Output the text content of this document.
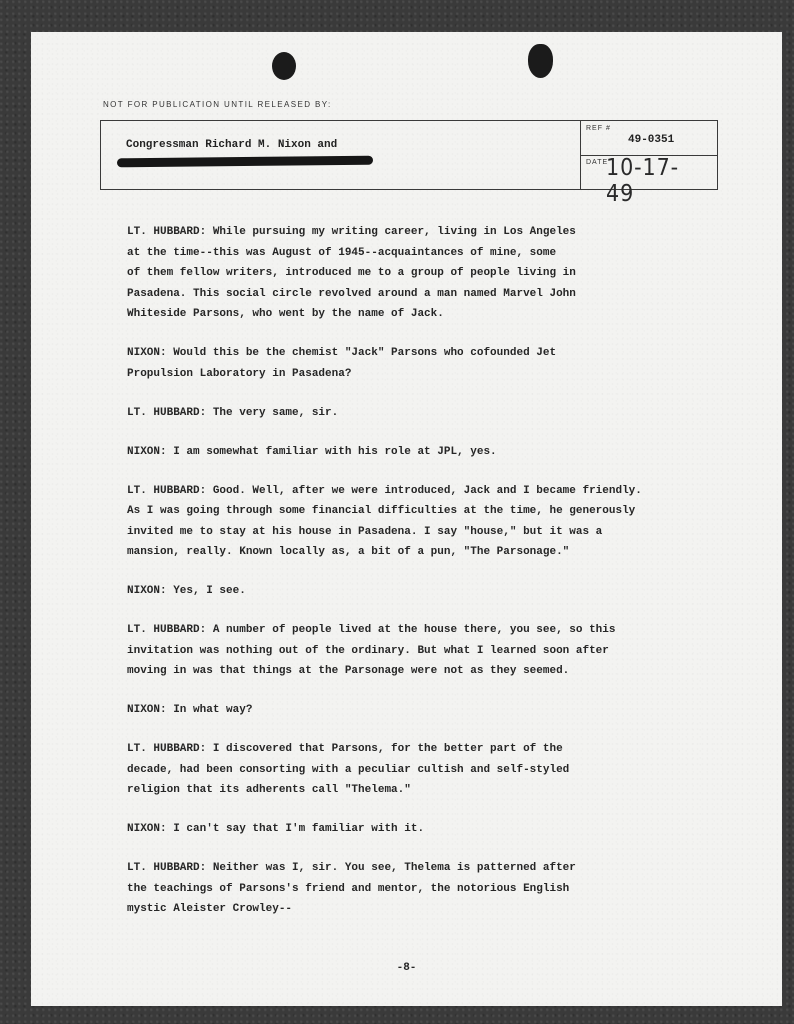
NOT FOR PUBLICATION UNTIL RELEASED BY:
Congressman Richard M. Nixon and
REF #
49-0351
DATE
10-17-49

LT. HUBBARD: While pursuing my writing career, living in Los Angeles
at the time--this was August of 1945--acquaintances of mine, some
of them fellow writers, introduced me to a group of people living in
Pasadena. This social circle revolved around a man named Marvel John
Whiteside Parsons, who went by the name of Jack.

NIXON: Would this be the chemist "Jack" Parsons who cofounded Jet
Propulsion Laboratory in Pasadena?

LT. HUBBARD: The very same, sir.

NIXON: I am somewhat familiar with his role at JPL, yes.

LT. HUBBARD: Good. Well, after we were introduced, Jack and I became friendly.
As I was going through some financial difficulties at the time, he generously
invited me to stay at his house in Pasadena. I say "house," but it was a
mansion, really. Known locally as, a bit of a pun, "The Parsonage."

NIXON: Yes, I see.

LT. HUBBARD: A number of people lived at the house there, you see, so this
invitation was nothing out of the ordinary. But what I learned soon after
moving in was that things at the Parsonage were not as they seemed.

NIXON: In what way?

LT. HUBBARD: I discovered that Parsons, for the better part of the
decade, had been consorting with a peculiar cultish and self-styled
religion that its adherents call "Thelema."

NIXON: I can't say that I'm familiar with it.

LT. HUBBARD: Neither was I, sir. You see, Thelema is patterned after
the teachings of Parsons's friend and mentor, the notorious English
mystic Aleister Crowley--

-8-
